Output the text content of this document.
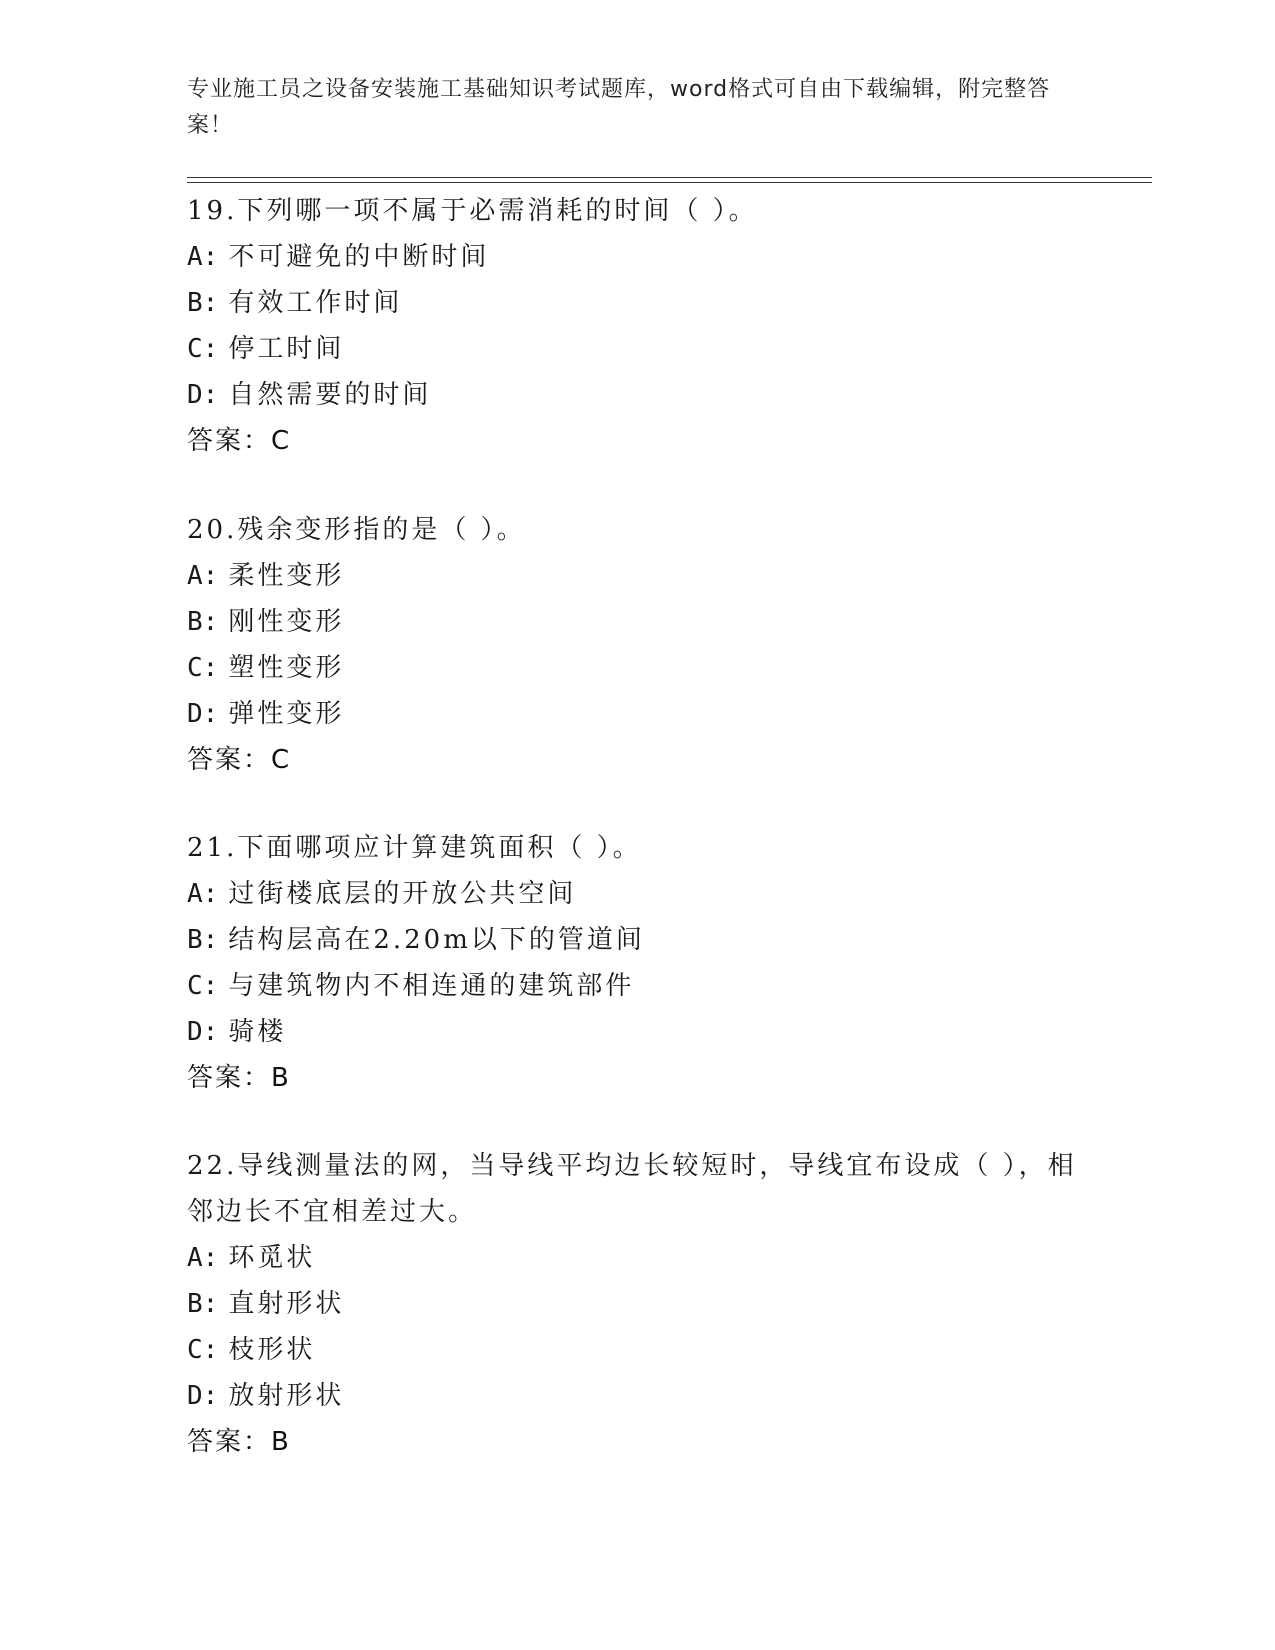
专业施工员之设备安装施工基础知识考试题库，word格式可自由下载编辑，附完整答案！
19.下列哪一项不属于必需消耗的时间（ ）。
A: 不可避免的中断时间
B: 有效工作时间
C: 停工时间
D: 自然需要的时间
答案：C
20.残余变形指的是（ ）。
A: 柔性变形
B: 刚性变形
C: 塑性变形
D: 弹性变形
答案：C
21.下面哪项应计算建筑面积（ ）。
A: 过街楼底层的开放公共空间
B: 结构层高在2.20m以下的管道间
C: 与建筑物内不相连通的建筑部件
D: 骑楼
答案：B
22.导线测量法的网，当导线平均边长较短时，导线宜布设成（ ），相邻边长不宜相差过大。
A: 环觅状
B: 直射形状
C: 枝形状
D: 放射形状
答案：B
